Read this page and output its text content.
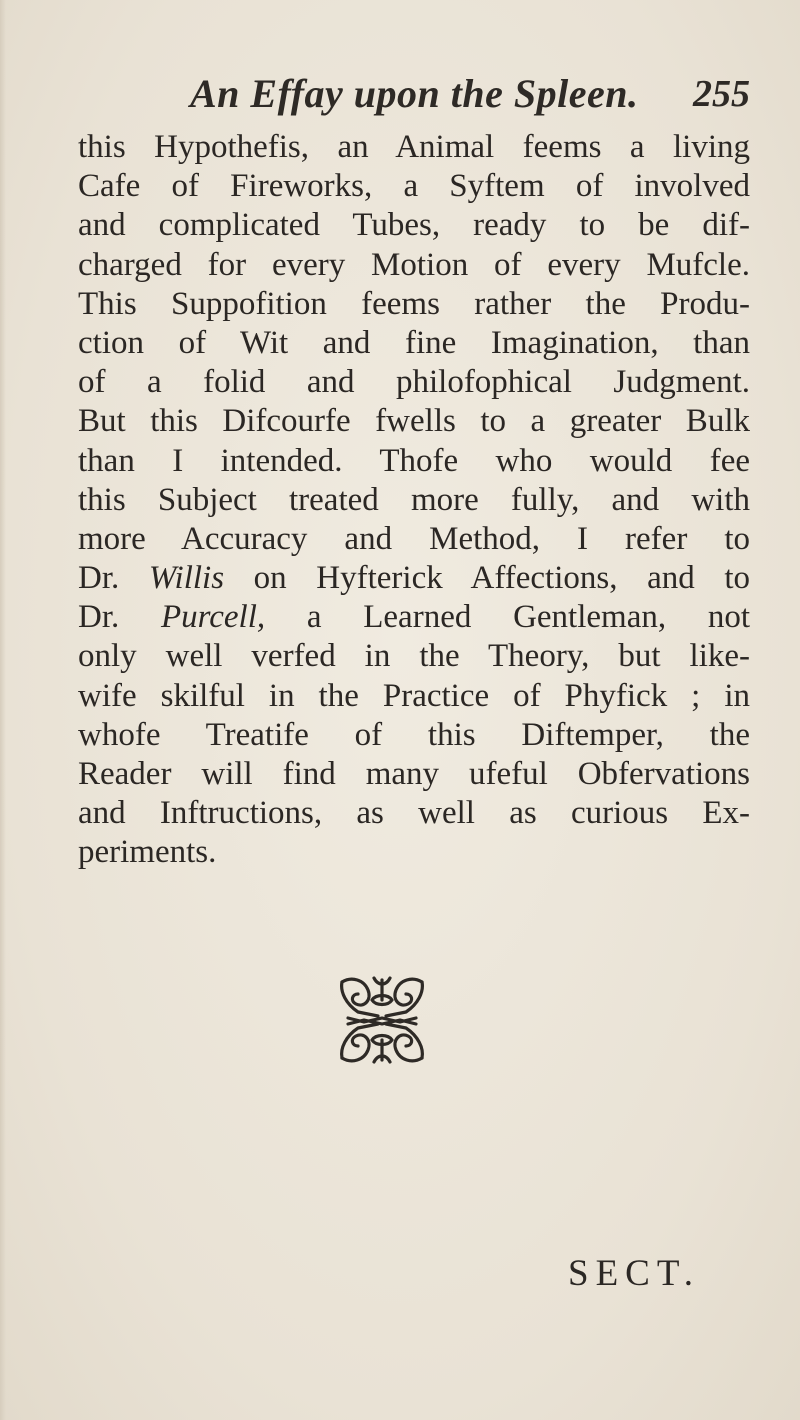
An Effay upon the Spleen. 255
this Hypothefis, an Animal feems a living
Cafe of Fireworks, a Syftem of involved
and complicated Tubes, ready to be dif-
charged for every Motion of every Mufcle.
This Suppofition feems rather the Produ-
ction of Wit and fine Imagination, than
of a folid and philofophical Judgment.
But this Difcourfe fwells to a greater Bulk
than I intended. Thofe who would fee
this Subject treated more fully, and with
more Accuracy and Method, I refer to
Dr. Willis on Hyfterick Affections, and to
Dr. Purcell, a Learned Gentleman, not
only well verfed in the Theory, but like-
wife skilful in the Practice of Phyfick ; in
whofe Treatife of this Diftemper, the
Reader will find many ufeful Obfervations
and Inftructions, as well as curious Ex-
periments.
SECT.
